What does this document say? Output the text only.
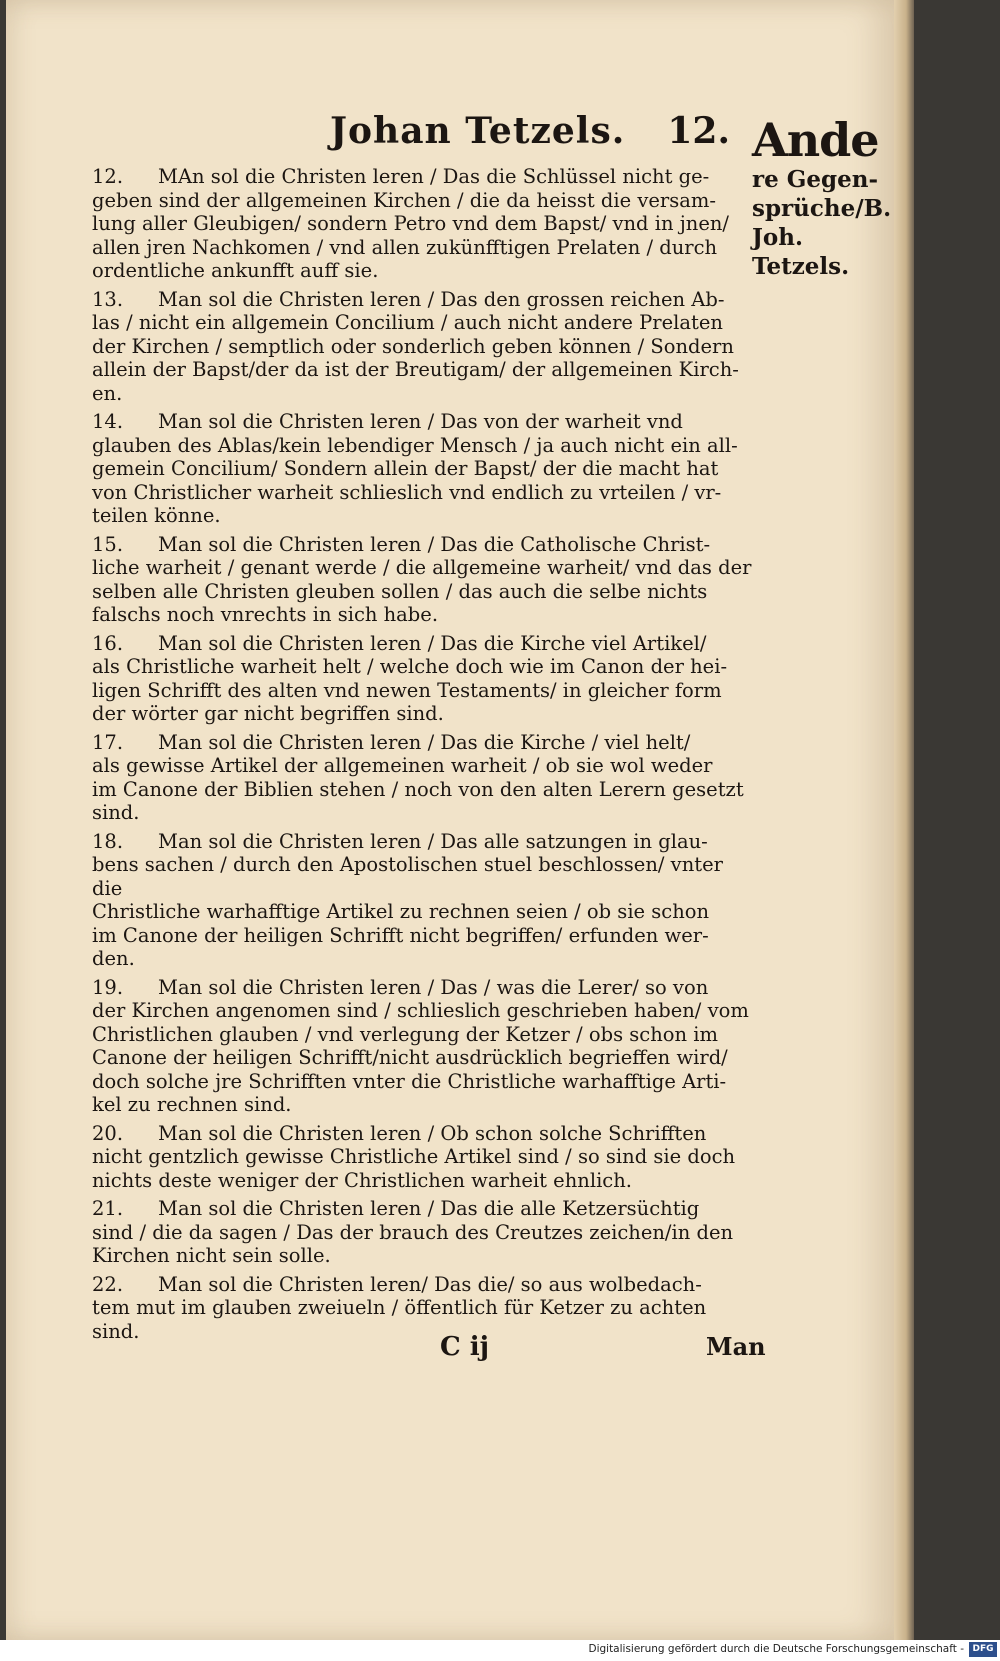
Johan Tetzels. 12. Ande
re Gegen-
sprüche/B.
Joh. Tetzels.
12. MAn sol die Christen leren / Das die Schlüssel nicht ge-
geben sind der allgemeinen Kirchen / die da heisst die versam-
lung aller Gleubigen/ sondern Petro vnd dem Bapst/ vnd in jnen/
allen jren Nachkomen / vnd allen zukünfftigen Prelaten / durch
ordentliche ankunfft auff sie.
13. Man sol die Christen leren / Das den grossen reichen Ab-
las / nicht ein allgemein Concilium / auch nicht andere Prelaten
der Kirchen / semptlich oder sonderlich geben können / Sondern
allein der Bapst/der da ist der Breutigam/ der allgemeinen Kirch-
en.
14. Man sol die Christen leren / Das von der warheit vnd
glauben des Ablas/kein lebendiger Mensch / ja auch nicht ein all-
gemein Concilium/ Sondern allein der Bapst/ der die macht hat
von Christlicher warheit schlieslich vnd endlich zu vrteilen / vr-
teilen könne.
15. Man sol die Christen leren / Das die Catholische Christ-
liche warheit / genant werde / die allgemeine warheit/ vnd das der
selben alle Christen gleuben sollen / das auch die selbe nichts
falschs noch vnrechts in sich habe.
16. Man sol die Christen leren / Das die Kirche viel Artikel/
als Christliche warheit helt / welche doch wie im Canon der hei-
ligen Schrifft des alten vnd newen Testaments/ in gleicher form
der wörter gar nicht begriffen sind.
17. Man sol die Christen leren / Das die Kirche / viel helt/
als gewisse Artikel der allgemeinen warheit / ob sie wol weder
im Canone der Biblien stehen / noch von den alten Lerern gesetzt
sind.
18. Man sol die Christen leren / Das alle satzungen in glau-
bens sachen / durch den Apostolischen stuel beschlossen/ vnter die
Christliche warhafftige Artikel zu rechnen seien / ob sie schon
im Canone der heiligen Schrifft nicht begriffen/ erfunden wer-
den.
19. Man sol die Christen leren / Das / was die Lerer/ so von
der Kirchen angenomen sind / schlieslich geschrieben haben/ vom
Christlichen glauben / vnd verlegung der Ketzer / obs schon im
Canone der heiligen Schrifft/nicht ausdrücklich begrieffen wird/
doch solche jre Schrifften vnter die Christliche warhafftige Arti-
kel zu rechnen sind.
20. Man sol die Christen leren / Ob schon solche Schrifften
nicht gentzlich gewisse Christliche Artikel sind / so sind sie doch
nichts deste weniger der Christlichen warheit ehnlich.
21. Man sol die Christen leren / Das die alle Ketzersüchtig
sind / die da sagen / Das der brauch des Creutzes zeichen/in den
Kirchen nicht sein solle.
22. Man sol die Christen leren/ Das die/ so aus wolbedach-
tem mut im glauben zweiueln / öffentlich für Ketzer zu achten
sind.
C ij	Man
Digitalisierung gefördert durch die Deutsche Forschungsgemeinschaft - DFG
